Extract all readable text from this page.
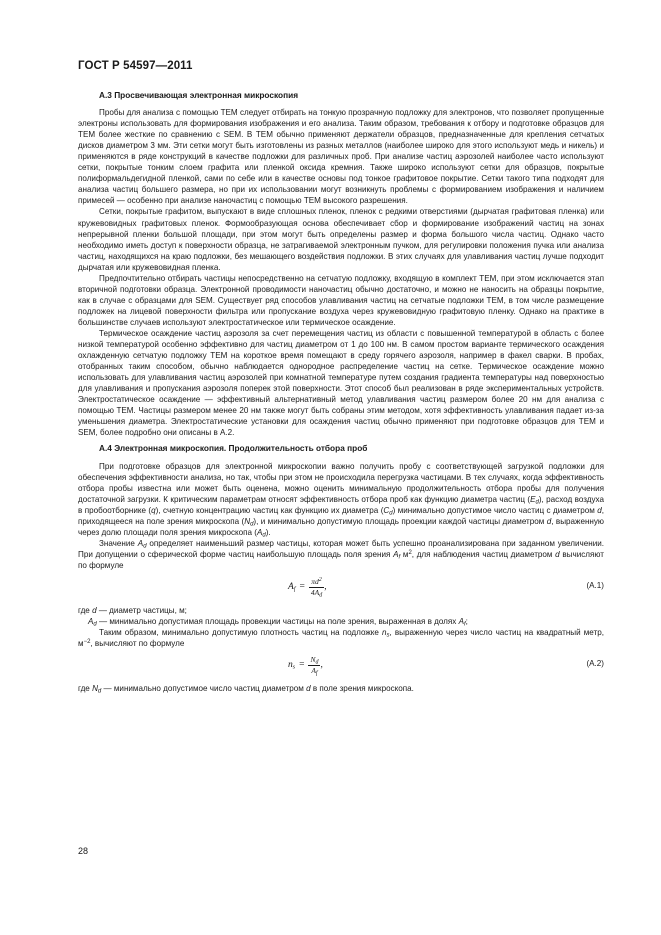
ГОСТ Р 54597—2011
А.3 Просвечивающая электронная микроскопия

Пробы для анализа с помощью ТЕМ следует отбирать на тонкую прозрачную подложку для электронов, что позволяет пропущенные электроны использовать для формирования изображения и его анализа. Таким образом, требования к отбору и подготовке образцов для ТЕМ более жесткие по сравнению с SEM. В ТЕМ обычно применяют держатели образцов, предназначенные для крепления сетчатых дисков диаметром 3 мм. Эти сетки могут быть изготовлены из разных металлов (наиболее широко для этого используют медь и никель) и применяются в ряде конструкций в качестве подложки для различных проб. При анализе частиц аэрозолей наиболее часто используют сетки, покрытые тонким слоем графита или пленкой оксида кремния. Также широко используют сетки для образцов, покрытые полиформальдегидной пленкой, сами по себе или в качестве основы под тонкое графитовое покрытие. Сетки такого типа подходят для анализа частиц большего размера, но при их использовании могут возникнуть проблемы с формированием изображения и наличием примесей — особенно при анализе наночастиц с помощью ТЕМ высокого разрешения.

Сетки, покрытые графитом, выпускают в виде сплошных пленок, пленок с редкими отверстиями (дырчатая графитовая пленка) или кружевовидных графитовых пленок. Формообразующая основа обеспечивает сбор и формирование изображений частиц на зонах непрерывной пленки большой площади, при этом могут быть определены размер и форма большого числа частиц. Однако часто необходимо иметь доступ к поверхности образца, не затрагиваемой электронным пучком, для регулировки положения пучка или анализа частиц, находящихся на краю подложки, без мешающего воздействия подложки. В этих случаях для улавливания частиц лучше подходит дырчатая или кружевовидная пленка.

Предпочтительно отбирать частицы непосредственно на сетчатую подложку, входящую в комплект ТЕМ, при этом исключается этап вторичной подготовки образца. Электронной проводимости наночастиц обычно достаточно, и можно не наносить на образцы покрытие, как в случае с образцами для SEM. Существует ряд способов улавливания частиц на сетчатые подложки ТЕМ, в том числе размещение подложек на лицевой поверхности фильтра или пропускание воздуха через кружевовидную графитовую пленку. Однако на практике в большинстве случаев используют электростатическое или термическое осаждение.

Термическое осаждение частиц аэрозоля за счет перемещения частиц из области с повышенной температурой в область с более низкой температурой особенно эффективно для частиц диаметром от 1 до 100 нм. В самом простом варианте термического осаждения охлажденную сетчатую подложку ТЕМ на короткое время помещают в среду горячего аэрозоля, например в факел сварки. В пробах, отобранных таким способом, обычно наблюдается однородное распределение частиц на сетке. Термическое осаждение можно использовать для улавливания частиц аэрозолей при комнатной температуре путем создания градиента температуры над поверхностью для улавливания и пропускания аэрозоля поперек этой поверхности. Этот способ был реализован в ряде экспериментальных устройств. Электростатическое осаждение — эффективный альтернативный метод улавливания частиц размером более 20 нм для анализа с помощью ТЕМ. Частицы размером менее 20 нм также могут быть собраны этим методом, хотя эффективность улавливания падает из-за уменьшения диаметра. Электростатические установки для осаждения частиц обычно применяют при подготовке образцов для ТЕМ и SEM, более подробно они описаны в А.2.

А.4 Электронная микроскопия. Продолжительность отбора проб

При подготовке образцов для электронной микроскопии важно получить пробу с соответствующей загрузкой подложки для обеспечения эффективности анализа, но так, чтобы при этом не происходила перегрузка частицами. В тех случаях, когда эффективность отбора пробы известна или может быть оценена, можно оценить минимальную продолжительность отбора пробы для получения достаточной загрузки. К критическим параметрам относят эффективность отбора проб как функцию диаметра частиц $(E_d)$, расход воздуха в пробоотборнике (q), счетную концентрацию частиц как функцию их диаметра $(C_d)$ минимально допустимое число частиц с диаметром d, приходящееся на поле зрения микроскопа $(N_d)$, и минимально допустимую площадь проекции каждой частицы диаметром d, выраженную через долю площади поля зрения микроскопа $(A_d)$.

Значение $A_d$ определяет наименьший размер частицы, которая может быть успешно проанализирована при заданном увеличении. При допущении о сферической форме частиц наибольшую площадь поля зрения $A_f$ $м^2$, для наблюдения частиц диаметром d вычисляют по формуле

$A_f = \frac{\pi d^2}{4A_d}$ ,	(А.1)

где d — диаметр частицы, м;

$A_d$ — минимально допустимая площадь провекции частицы на поле зрения, выраженная в долях $A_f$;

Таким образом, минимально допустимую плотность частиц на подложке $n_s$, выраженную через число частиц на квадратный метр, $м^{-2}$, вычисляют по формуле

$n_s = \frac{N_d}{A_f}$ ,	(А.2)

где $N_d$ — минимально допустимое число частиц диаметром d в поле зрения микроскопа.

28
